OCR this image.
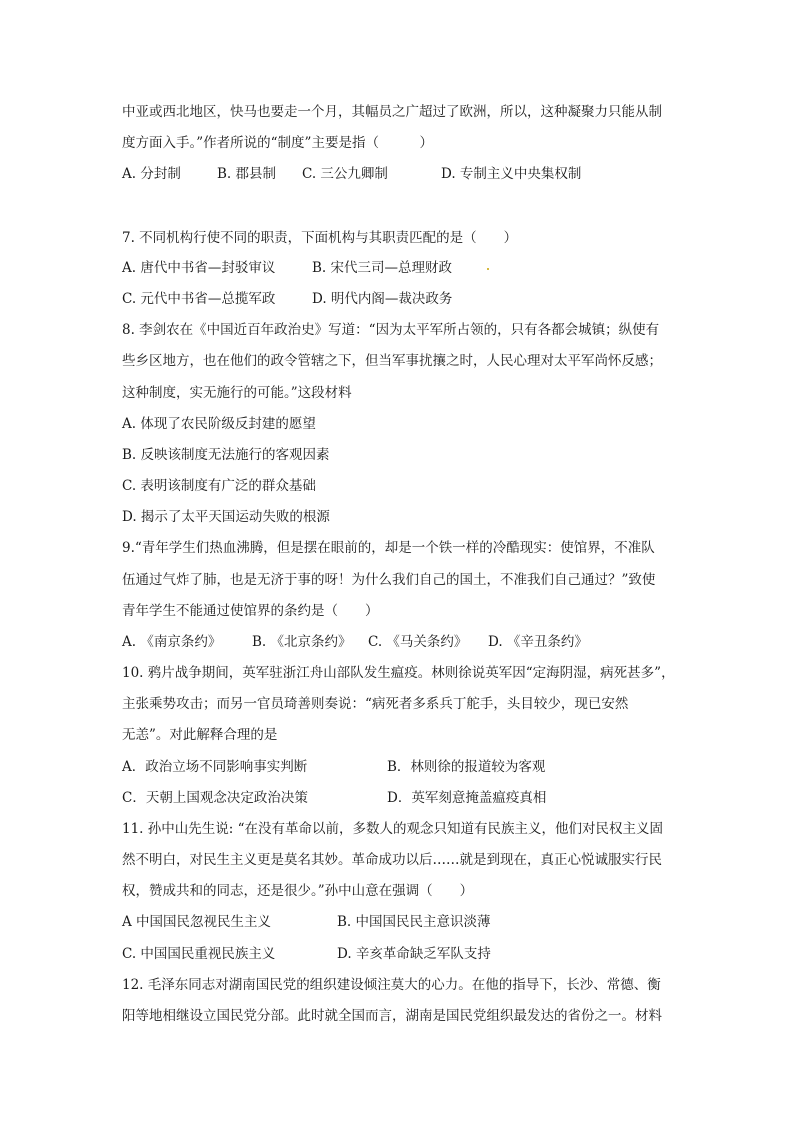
中亚或西北地区，快马也要走一个月，其幅员之广超过了欧洲，所以，这种凝聚力只能从制
度方面入手。”作者所说的“制度”主要是指（　　　）
A. 分封制	B. 郡县制 C. 三公九卿制	D. 专制主义中央集权制
7. 不同机构行使不同的职责，下面机构与其职责匹配的是（　　）
A. 唐代中书省—封驳审议	B. 宋代三司—总理财政
C. 元代中书省—总揽军政	D. 明代内阁—裁决政务
8. 李剑农在《中国近百年政治史》写道：“因为太平军所占领的，只有各都会城镇；纵使有
些乡区地方，也在他们的政令管辖之下，但当军事扰攘之时，人民心理对太平军尚怀反感；
这种制度，实无施行的可能。”这段材料
A. 体现了农民阶级反封建的愿望
B. 反映该制度无法施行的客观因素
C. 表明该制度有广泛的群众基础
D. 揭示了太平天国运动失败的根源
9.“青年学生们热血沸腾，但是摆在眼前的，却是一个铁一样的冷酷现实：使馆界，不准队
伍通过气炸了肺，也是无济于事的呀！为什么我们自己的国土，不准我们自己通过？”致使
青年学生不能通过使馆界的条约是（　　）
A. 《南京条约》 B. 《北京条约》 C. 《马关条约》 D. 《辛丑条约》
10. 鸦片战争期间，英军驻浙江舟山部队发生瘟疫。林则徐说英军因“定海阴湿，病死甚多”，
主张乘势攻击；而另一官员琦善则奏说：“病死者多系兵丁舵手，头目较少，现已安然
无恙”。对此解释合理的是
A．政治立场不同影响事实判断	B．林则徐的报道较为客观
C．天朝上国观念决定政治决策	D．英军刻意掩盖瘟疫真相
11. 孙中山先生说: “在没有革命以前，多数人的观念只知道有民族主义，他们对民权主义固
然不明白，对民生主义更是莫名其妙。革命成功以后……就是到现在，真正心悦诚服实行民
权，赞成共和的同志，还是很少。”孙中山意在强调（　　）
A 中国国民忽视民生主义	B. 中国国民民主意识淡薄
C. 中国国民重视民族主义	D. 辛亥革命缺乏军队支持
12. 毛泽东同志对湖南国民党的组织建设倾注莫大的心力。在他的指导下，长沙、常德、衡
阳等地相继设立国民党分部。此时就全国而言，湖南是国民党组织最发达的省份之一。材料
